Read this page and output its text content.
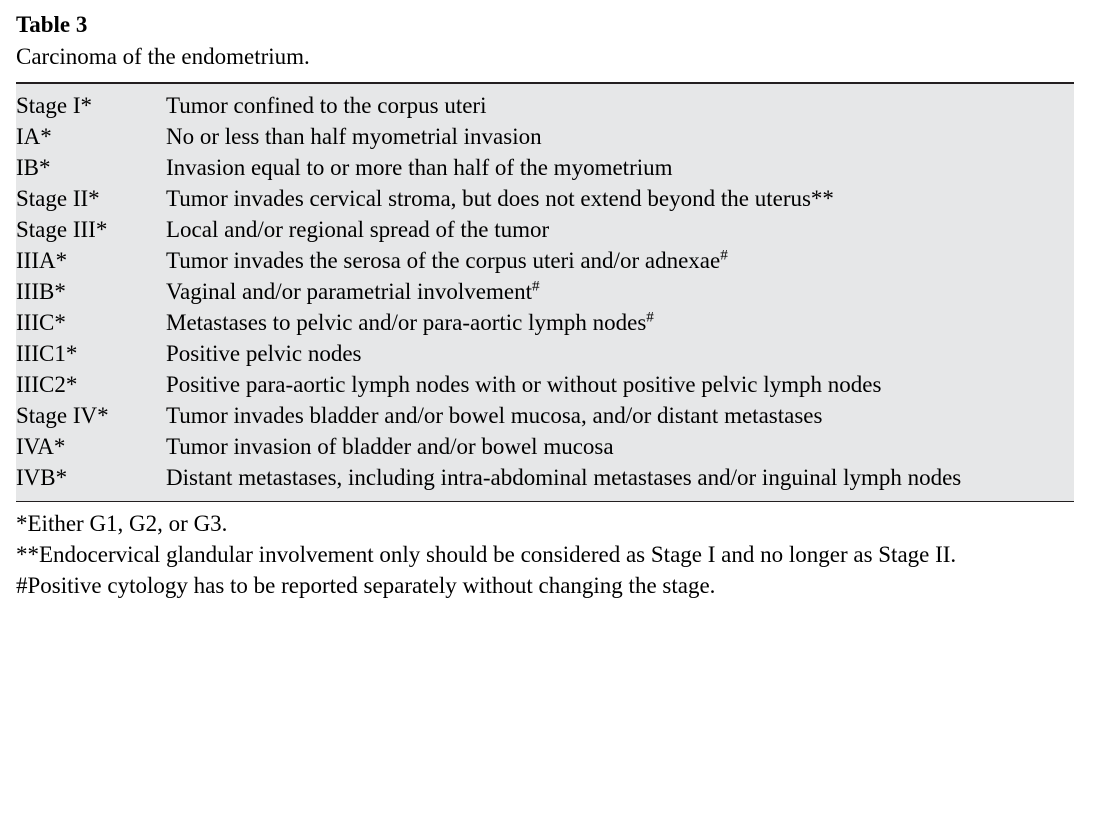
Table 3
Carcinoma of the endometrium.
Stage I*	Tumor confined to the corpus uteri
IA*	No or less than half myometrial invasion
IB*	Invasion equal to or more than half of the myometrium
Stage II*	Tumor invades cervical stroma, but does not extend beyond the uterus**
Stage III*	Local and/or regional spread of the tumor
IIIA*	Tumor invades the serosa of the corpus uteri and/or adnexae#
IIIB*	Vaginal and/or parametrial involvement#
IIIC*	Metastases to pelvic and/or para-aortic lymph nodes#
IIIC1*	Positive pelvic nodes
IIIC2*	Positive para-aortic lymph nodes with or without positive pelvic lymph nodes
Stage IV*	Tumor invades bladder and/or bowel mucosa, and/or distant metastases
IVA*	Tumor invasion of bladder and/or bowel mucosa
IVB*	Distant metastases, including intra-abdominal metastases and/or inguinal lymph nodes

*Either G1, G2, or G3.

**Endocervical glandular involvement only should be considered as Stage I and no longer as Stage II.

#Positive cytology has to be reported separately without changing the stage.
